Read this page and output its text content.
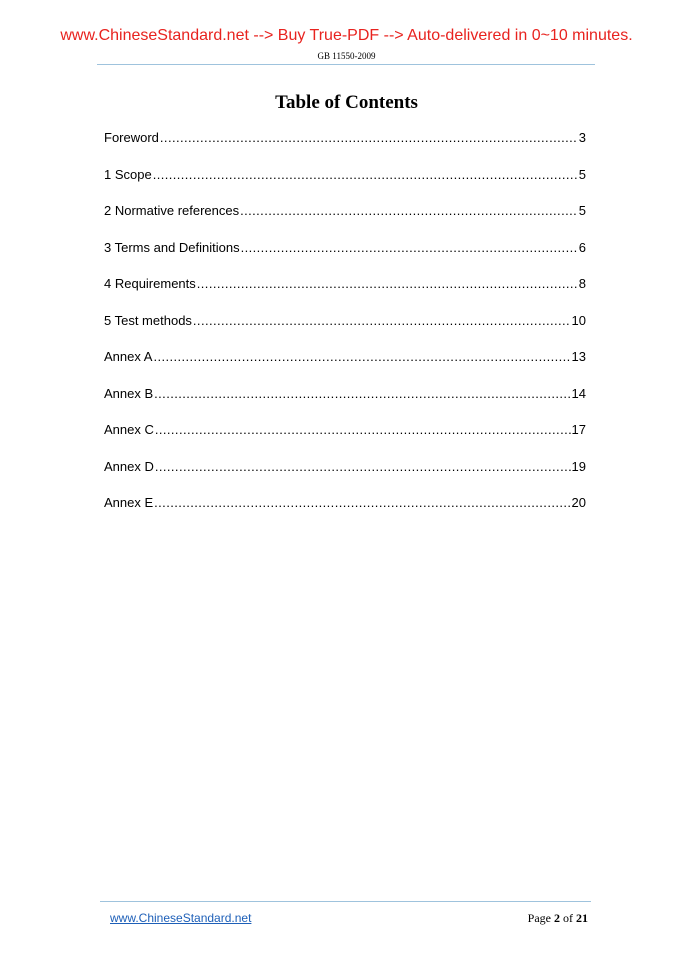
www.ChineseStandard.net --> Buy True-PDF --> Auto-delivered in 0~10 minutes.
GB 11550-2009
Table of Contents
Foreword .....	3
1 Scope .....	5
2 Normative references .....	5
3 Terms and Definitions .....	6
4 Requirements .....	8
5 Test methods .....	10
Annex A .....	13
Annex B .....	14
Annex C .....	17
Annex D .....	19
Annex E .....	20
www.ChineseStandard.net	Page 2 of 21
